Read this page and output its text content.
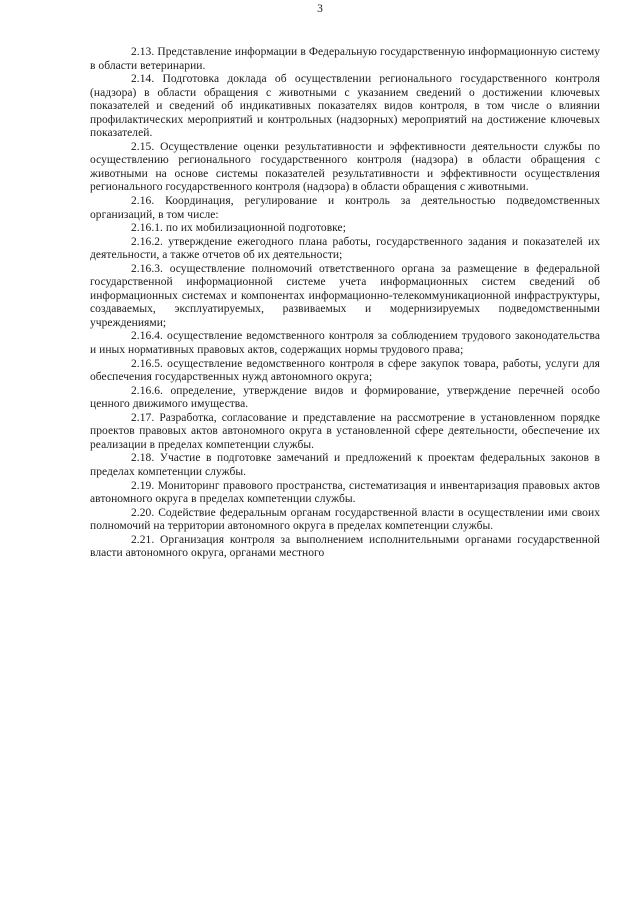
3

2.13. Представление информации в Федеральную государственную информационную систему в области ветеринарии.

2.14. Подготовка доклада об осуществлении регионального государственного контроля (надзора) в области обращения с животными с указанием сведений о достижении ключевых показателей и сведений об индикативных показателях видов контроля, в том числе о влиянии профилактических мероприятий и контрольных (надзорных) мероприятий на достижение ключевых показателей.

2.15. Осуществление оценки результативности и эффективности деятельности службы по осуществлению регионального государственного контроля (надзора) в области обращения с животными на основе системы показателей результативности и эффективности осуществления регионального государственного контроля (надзора) в области обращения с животными.

2.16. Координация, регулирование и контроль за деятельностью подведомственных организаций, в том числе:

2.16.1. по их мобилизационной подготовке;

2.16.2. утверждение ежегодного плана работы, государственного задания и показателей их деятельности, а также отчетов об их деятельности;

2.16.3. осуществление полномочий ответственного органа за размещение в федеральной государственной информационной системе учета информационных систем сведений об информационных системах и компонентах информационно-телекоммуникационной инфраструктуры, создаваемых, эксплуатируемых, развиваемых и модернизируемых подведомственными учреждениями;

2.16.4. осуществление ведомственного контроля за соблюдением трудового законодательства и иных нормативных правовых актов, содержащих нормы трудового права;

2.16.5. осуществление ведомственного контроля в сфере закупок товара, работы, услуги для обеспечения государственных нужд автономного округа;

2.16.6. определение, утверждение видов и формирование, утверждение перечней особо ценного движимого имущества.

2.17. Разработка, согласование и представление на рассмотрение в установленном порядке проектов правовых актов автономного округа в установленной сфере деятельности, обеспечение их реализации в пределах компетенции службы.

2.18. Участие в подготовке замечаний и предложений к проектам федеральных законов в пределах компетенции службы.

2.19. Мониторинг правового пространства, систематизация и инвентаризация правовых актов автономного округа в пределах компетенции службы.

2.20. Содействие федеральным органам государственной власти в осуществлении ими своих полномочий на территории автономного округа в пределах компетенции службы.

2.21. Организация контроля за выполнением исполнительными органами государственной власти автономного округа, органами местного
